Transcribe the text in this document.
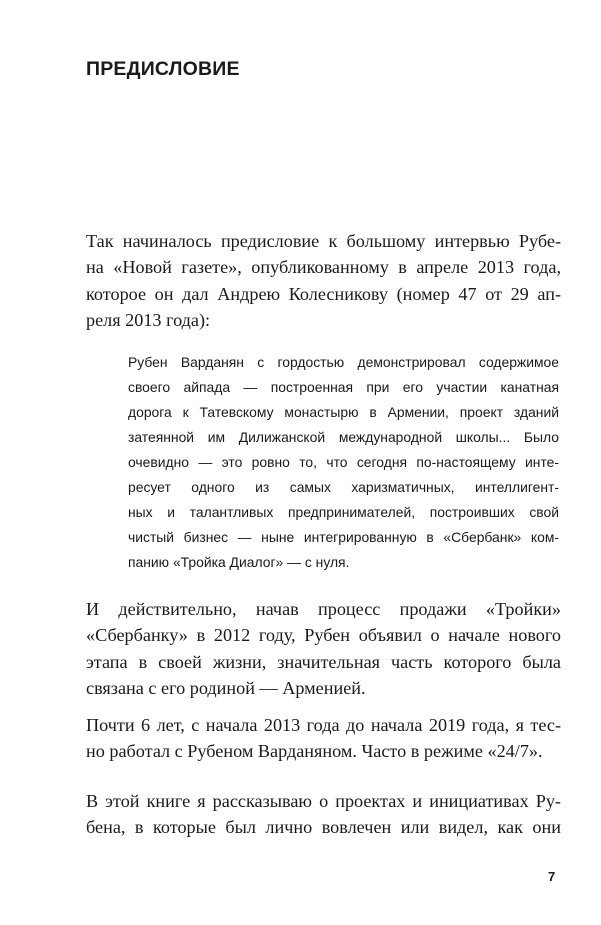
ПРЕДИСЛОВИЕ

Так начиналось предисловие к большому интервью Рубе-
на «Новой газете», опубликованному в апреле 2013 года,
которое он дал Андрею Колесникову (номер 47 от 29 ап-
реля 2013 года):

Рубен Варданян с гордостью демонстрировал содержимое
своего айпада — построенная при его участии канатная
дорога к Татевскому монастырю в Армении, проект зданий
затеянной им Дилижанской международной школы... Было
очевидно — это ровно то, что сегодня по-настоящему инте-
ресует одного из самых харизматичных, интеллигент-
ных и талантливых предпринимателей, построивших свой
чистый бизнес — ныне интегрированную в «Сбербанк» ком-
панию «Тройка Диалог» — с нуля.

И действительно, начав процесс продажи «Тройки»
«Сбербанку» в 2012 году, Рубен объявил о начале нового
этапа в своей жизни, значительная часть которого была
связана с его родиной — Арменией.

Почти 6 лет, с начала 2013 года до начала 2019 года, я тес-
но работал с Рубеном Варданяном. Часто в режиме «24/7».

В этой книге я рассказываю о проектах и инициативах Ру-
бена, в которые был лично вовлечен или видел, как они

7
